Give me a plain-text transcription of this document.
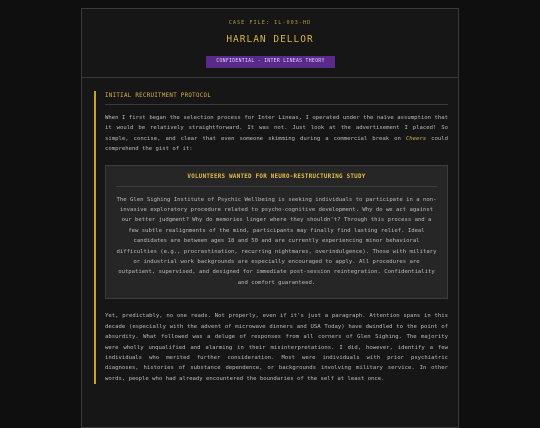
CASE FILE: IL-003-HD
HARLAN DELLOR
CONFIDENTIAL - INTER LINEAS THEORY
INITIAL RECRUITMENT PROTOCOL
When I first began the selection process for Inter Lineas, I operated under the naïve assumption that it would be relatively straightforward. It was not. Just look at the advertisement I placed! So simple, concise, and clear that even someone skimming during a commercial break on Cheers could comprehend the gist of it:
VOLUNTEERS WANTED FOR NEURO-RESTRUCTURING STUDY
The Glen Sighing Institute of Psychic Wellbeing is seeking individuals to participate in a non-invasive exploratory procedure related to psycho-cognitive development. Why do we act against our better judgment? Why do memories linger where they shouldn't? Through this process and a few subtle realignments of the mind, participants may finally find lasting relief. Ideal candidates are between ages 18 and 50 and are currently experiencing minor behavioral difficulties (e.g., procrastination, recurring nightmares, overindulgence). Those with military or industrial work backgrounds are especially encouraged to apply. All procedures are outpatient, supervised, and designed for immediate post-session reintegration. Confidentiality and comfort guaranteed.
Yet, predictably, no one reads. Not properly, even if it's just a paragraph. Attention spans in this decade (especially with the advent of microwave dinners and USA Today) have dwindled to the point of absurdity. What followed was a deluge of responses from all corners of Glen Sighing. The majority were wholly unqualified and alarming in their misinterpretations. I did, however, identify a few individuals who merited further consideration. Most were individuals with prior psychiatric diagnoses, histories of substance dependence, or backgrounds involving military service. In other words, people who had already encountered the boundaries of the self at least once.
